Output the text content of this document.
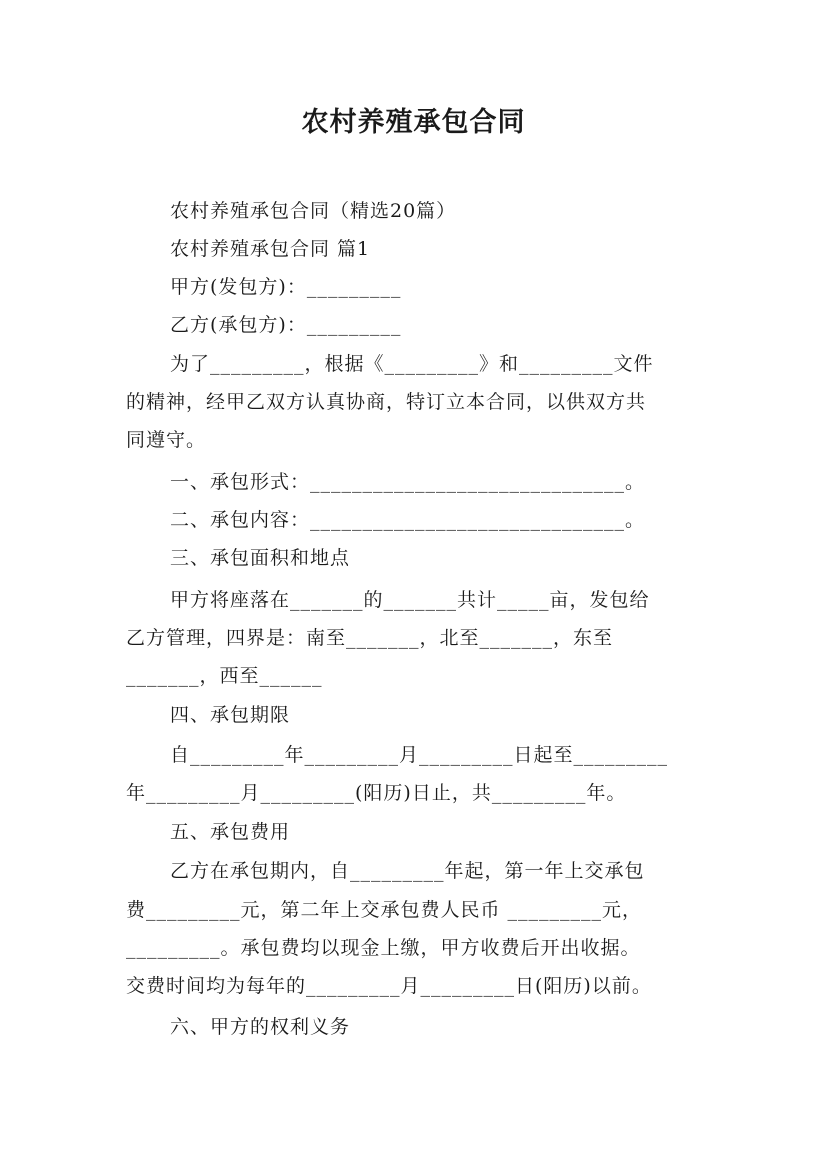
农村养殖承包合同
农村养殖承包合同（精选20篇）
农村养殖承包合同 篇1
甲方(发包方)：_________
乙方(承包方)：_________
为了_________，根据《_________》和_________文件
的精神，经甲乙双方认真协商，特订立本合同，以供双方共
同遵守。
一、承包形式：______________________________。
二、承包内容：______________________________。
三、承包面积和地点
甲方将座落在_______的_______共计_____亩，发包给
乙方管理，四界是：南至_______，北至_______，东至
_______，西至______
四、承包期限
自_________年_________月_________日起至_________
年_________月_________(阳历)日止，共_________年。
五、承包费用
乙方在承包期内，自_________年起，第一年上交承包
费_________元，第二年上交承包费人民币 _________元，
_________。承包费均以现金上缴，甲方收费后开出收据。
交费时间均为每年的_________月_________日(阳历)以前。
六、甲方的权利义务
